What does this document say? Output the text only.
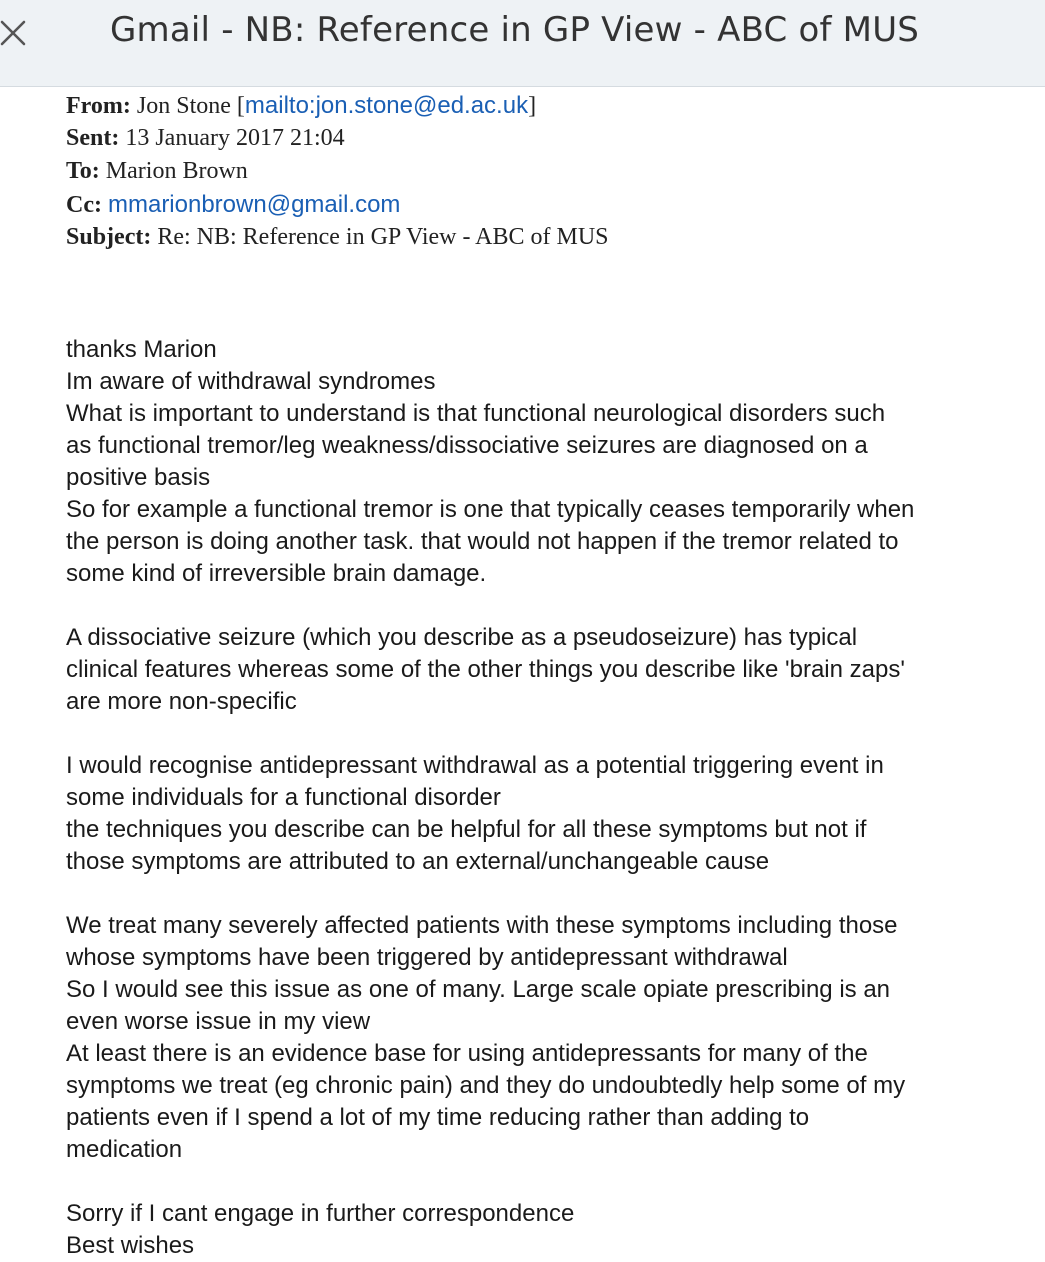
Gmail - NB: Reference in GP View - ABC of MUS
From: Jon Stone [mailto:jon.stone@ed.ac.uk]
Sent: 13 January 2017 21:04
To: Marion Brown
Cc: mmarionbrown@gmail.com
Subject: Re: NB: Reference in GP View - ABC of MUS
thanks Marion
Im aware of withdrawal syndromes
What is important to understand is that functional neurological disorders such
as functional tremor/leg weakness/dissociative seizures are diagnosed on a
positive basis
So for example a functional tremor is one that typically ceases temporarily when
the person is doing another task. that would not happen if the tremor related to
some kind of irreversible brain damage.
A dissociative seizure (which you describe as a pseudoseizure) has typical
clinical features whereas some of the other things you describe like 'brain zaps'
are more non-specific
I would recognise antidepressant withdrawal as a potential triggering event in
some individuals for a functional disorder
the techniques you describe can be helpful for all these symptoms but not if
those symptoms are attributed to an external/unchangeable cause
We treat many severely affected patients with these symptoms including those
whose symptoms have been triggered by antidepressant withdrawal
So I would see this issue as one of many. Large scale opiate prescribing is an
even worse issue in my view
At least there is an evidence base for using antidepressants for many of the
symptoms we treat (eg chronic pain) and they do undoubtedly help some of my
patients even if I spend a lot of my time reducing rather than adding to
medication
Sorry if I cant engage in further correspondence
Best wishes
